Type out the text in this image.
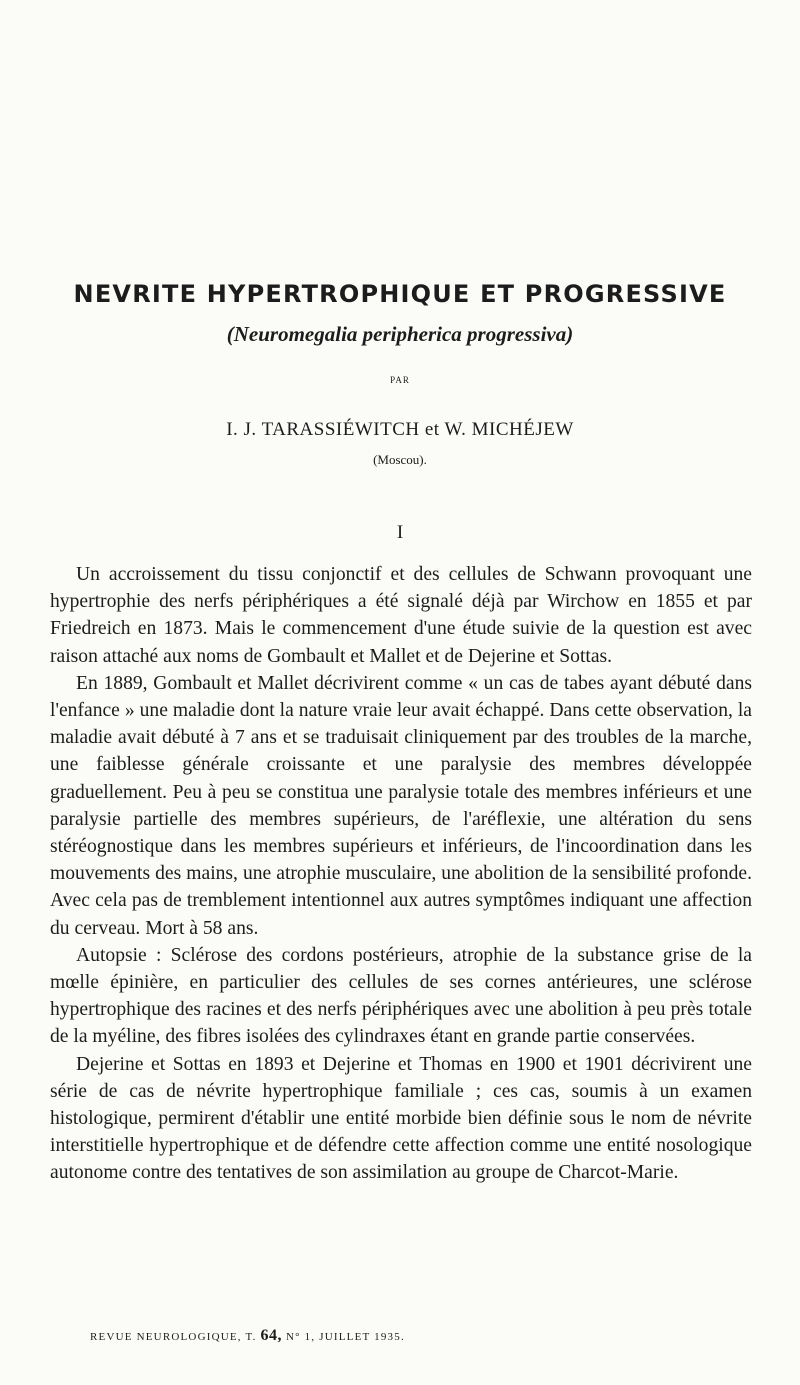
NEVRITE HYPERTROPHIQUE ET PROGRESSIVE
(Neuromegalia peripherica progressiva)
PAR
I. J. TARASSIÉWITCH et W. MICHÉJEW
(Moscou).
I

Un accroissement du tissu conjonctif et des cellules de Schwann provoquant une hypertrophie des nerfs périphériques a été signalé déjà par Wirchow en 1855 et par Friedreich en 1873. Mais le commencement d'une étude suivie de la question est avec raison attaché aux noms de Gombault et Mallet et de Dejerine et Sottas.

En 1889, Gombault et Mallet décrivirent comme « un cas de tabes ayant débuté dans l'enfance » une maladie dont la nature vraie leur avait échappé. Dans cette observation, la maladie avait débuté à 7 ans et se traduisait cliniquement par des troubles de la marche, une faiblesse générale croissante et une paralysie des membres développée graduellement. Peu à peu se constitua une paralysie totale des membres inférieurs et une paralysie partielle des membres supérieurs, de l'aréflexie, une altération du sens stéréognostique dans les membres supérieurs et inférieurs, de l'incoordination dans les mouvements des mains, une atrophie musculaire, une abolition de la sensibilité profonde. Avec cela pas de tremblement intentionnel aux autres symptômes indiquant une affection du cerveau. Mort à 58 ans.

Autopsie : Sclérose des cordons postérieurs, atrophie de la substance grise de la mœlle épinière, en particulier des cellules de ses cornes antérieures, une sclérose hypertrophique des racines et des nerfs périphériques avec une abolition à peu près totale de la myéline, des fibres isolées des cylindraxes étant en grande partie conservées.

Dejerine et Sottas en 1893 et Dejerine et Thomas en 1900 et 1901 décrivirent une série de cas de névrite hypertrophique familiale ; ces cas, soumis à un examen histologique, permirent d'établir une entité morbide bien définie sous le nom de névrite interstitielle hypertrophique et de défendre cette affection comme une entité nosologique autonome contre des tentatives de son assimilation au groupe de Charcot-Marie.

REVUE NEUROLOGIQUE, T. 64, N° 1, JUILLET 1935.
